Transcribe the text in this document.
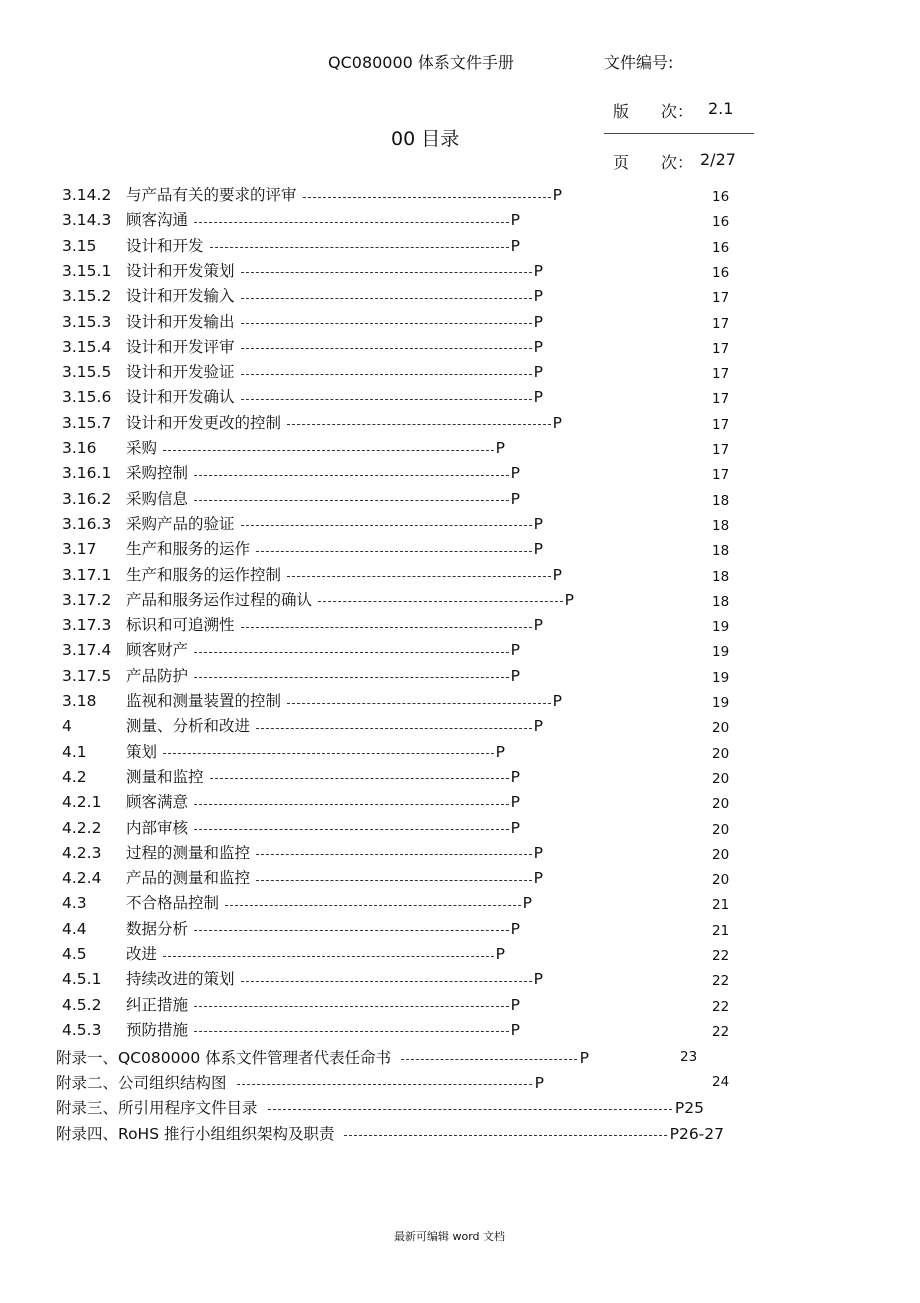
QC080000 体系文件手册	文件编号:
版　　次： 2.1
00 目录
页　　次： 2/27
3.14.2 与产品有关的要求的评审	P	16
3.14.3 顾客沟通	P	16
3.15 设计和开发	P	16
3.15.1 设计和开发策划	P	16
3.15.2 设计和开发输入	P	17
3.15.3 设计和开发输出	P	17
3.15.4 设计和开发评审	P	17
3.15.5 设计和开发验证	P	17
3.15.6 设计和开发确认	P	17
3.15.7 设计和开发更改的控制	P	17
3.16 采购	P	17
3.16.1 采购控制	P	17
3.16.2 采购信息	P	18
3.16.3 采购产品的验证	P	18
3.17 生产和服务的运作	P	18
3.17.1 生产和服务的运作控制	P	18
3.17.2 产品和服务运作过程的确认	P	18
3.17.3 标识和可追溯性	P	19
3.17.4 顾客财产	P	19
3.17.5 产品防护	P	19
3.18 监视和测量装置的控制	P	19
4	测量、分析和改进	P	20
4.1	策划	P	20
4.2	测量和监控	P	20
4.2.1 顾客满意	P	20
4.2.2 内部审核	P	20
4.2.3 过程的测量和监控	P	20
4.2.4 产品的测量和监控	P	20
4.3	不合格品控制	P	21
4.4	数据分析	P	21
4.5	改进	P	22
4.5.1 持续改进的策划	P	22
4.5.2 纠正措施	P	22
4.5.3 预防措施	P	22
附录一、QC080000 体系文件管理者代表任命书	P	23
附录二、公司组织结构图	P	24
附录三、所引用程序文件目录	P25
附录四、RoHS 推行小组组织架构及职责	P26-27
最新可编辑 word 文档
